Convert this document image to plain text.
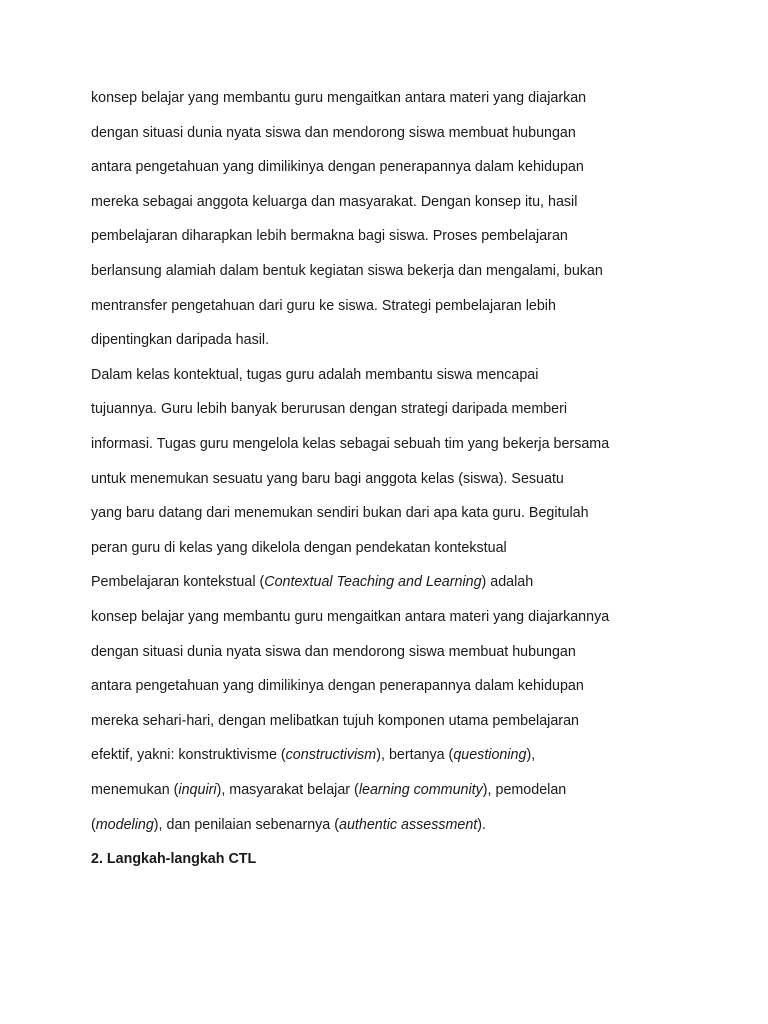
konsep belajar yang membantu guru mengaitkan antara materi yang diajarkan
dengan situasi dunia nyata siswa dan mendorong siswa membuat hubungan
antara pengetahuan yang dimilikinya dengan penerapannya dalam kehidupan
mereka sebagai anggota keluarga dan masyarakat. Dengan konsep itu, hasil
pembelajaran diharapkan lebih bermakna bagi siswa. Proses pembelajaran
berlansung alamiah dalam bentuk kegiatan siswa bekerja dan mengalami, bukan
mentransfer pengetahuan dari guru ke siswa. Strategi pembelajaran lebih
dipentingkan daripada hasil.
Dalam kelas kontektual, tugas guru adalah membantu siswa mencapai
tujuannya. Guru lebih banyak berurusan dengan strategi daripada memberi
informasi. Tugas guru mengelola kelas sebagai sebuah tim yang bekerja bersama
untuk menemukan sesuatu yang baru bagi anggota kelas (siswa). Sesuatu
yang baru datang dari menemukan sendiri bukan dari apa kata guru. Begitulah
peran guru di kelas yang dikelola dengan pendekatan kontekstual
Pembelajaran kontekstual (Contextual Teaching and Learning) adalah
konsep belajar yang membantu guru mengaitkan antara materi yang diajarkannya
dengan situasi dunia nyata siswa dan mendorong siswa membuat hubungan
antara pengetahuan yang dimilikinya dengan penerapannya dalam kehidupan
mereka sehari-hari, dengan melibatkan tujuh komponen utama pembelajaran
efektif, yakni: konstruktivisme (constructivism), bertanya (questioning),
menemukan (inquiri), masyarakat belajar (learning community), pemodelan
(modeling), dan penilaian sebenarnya (authentic assessment).
2. Langkah-langkah CTL
